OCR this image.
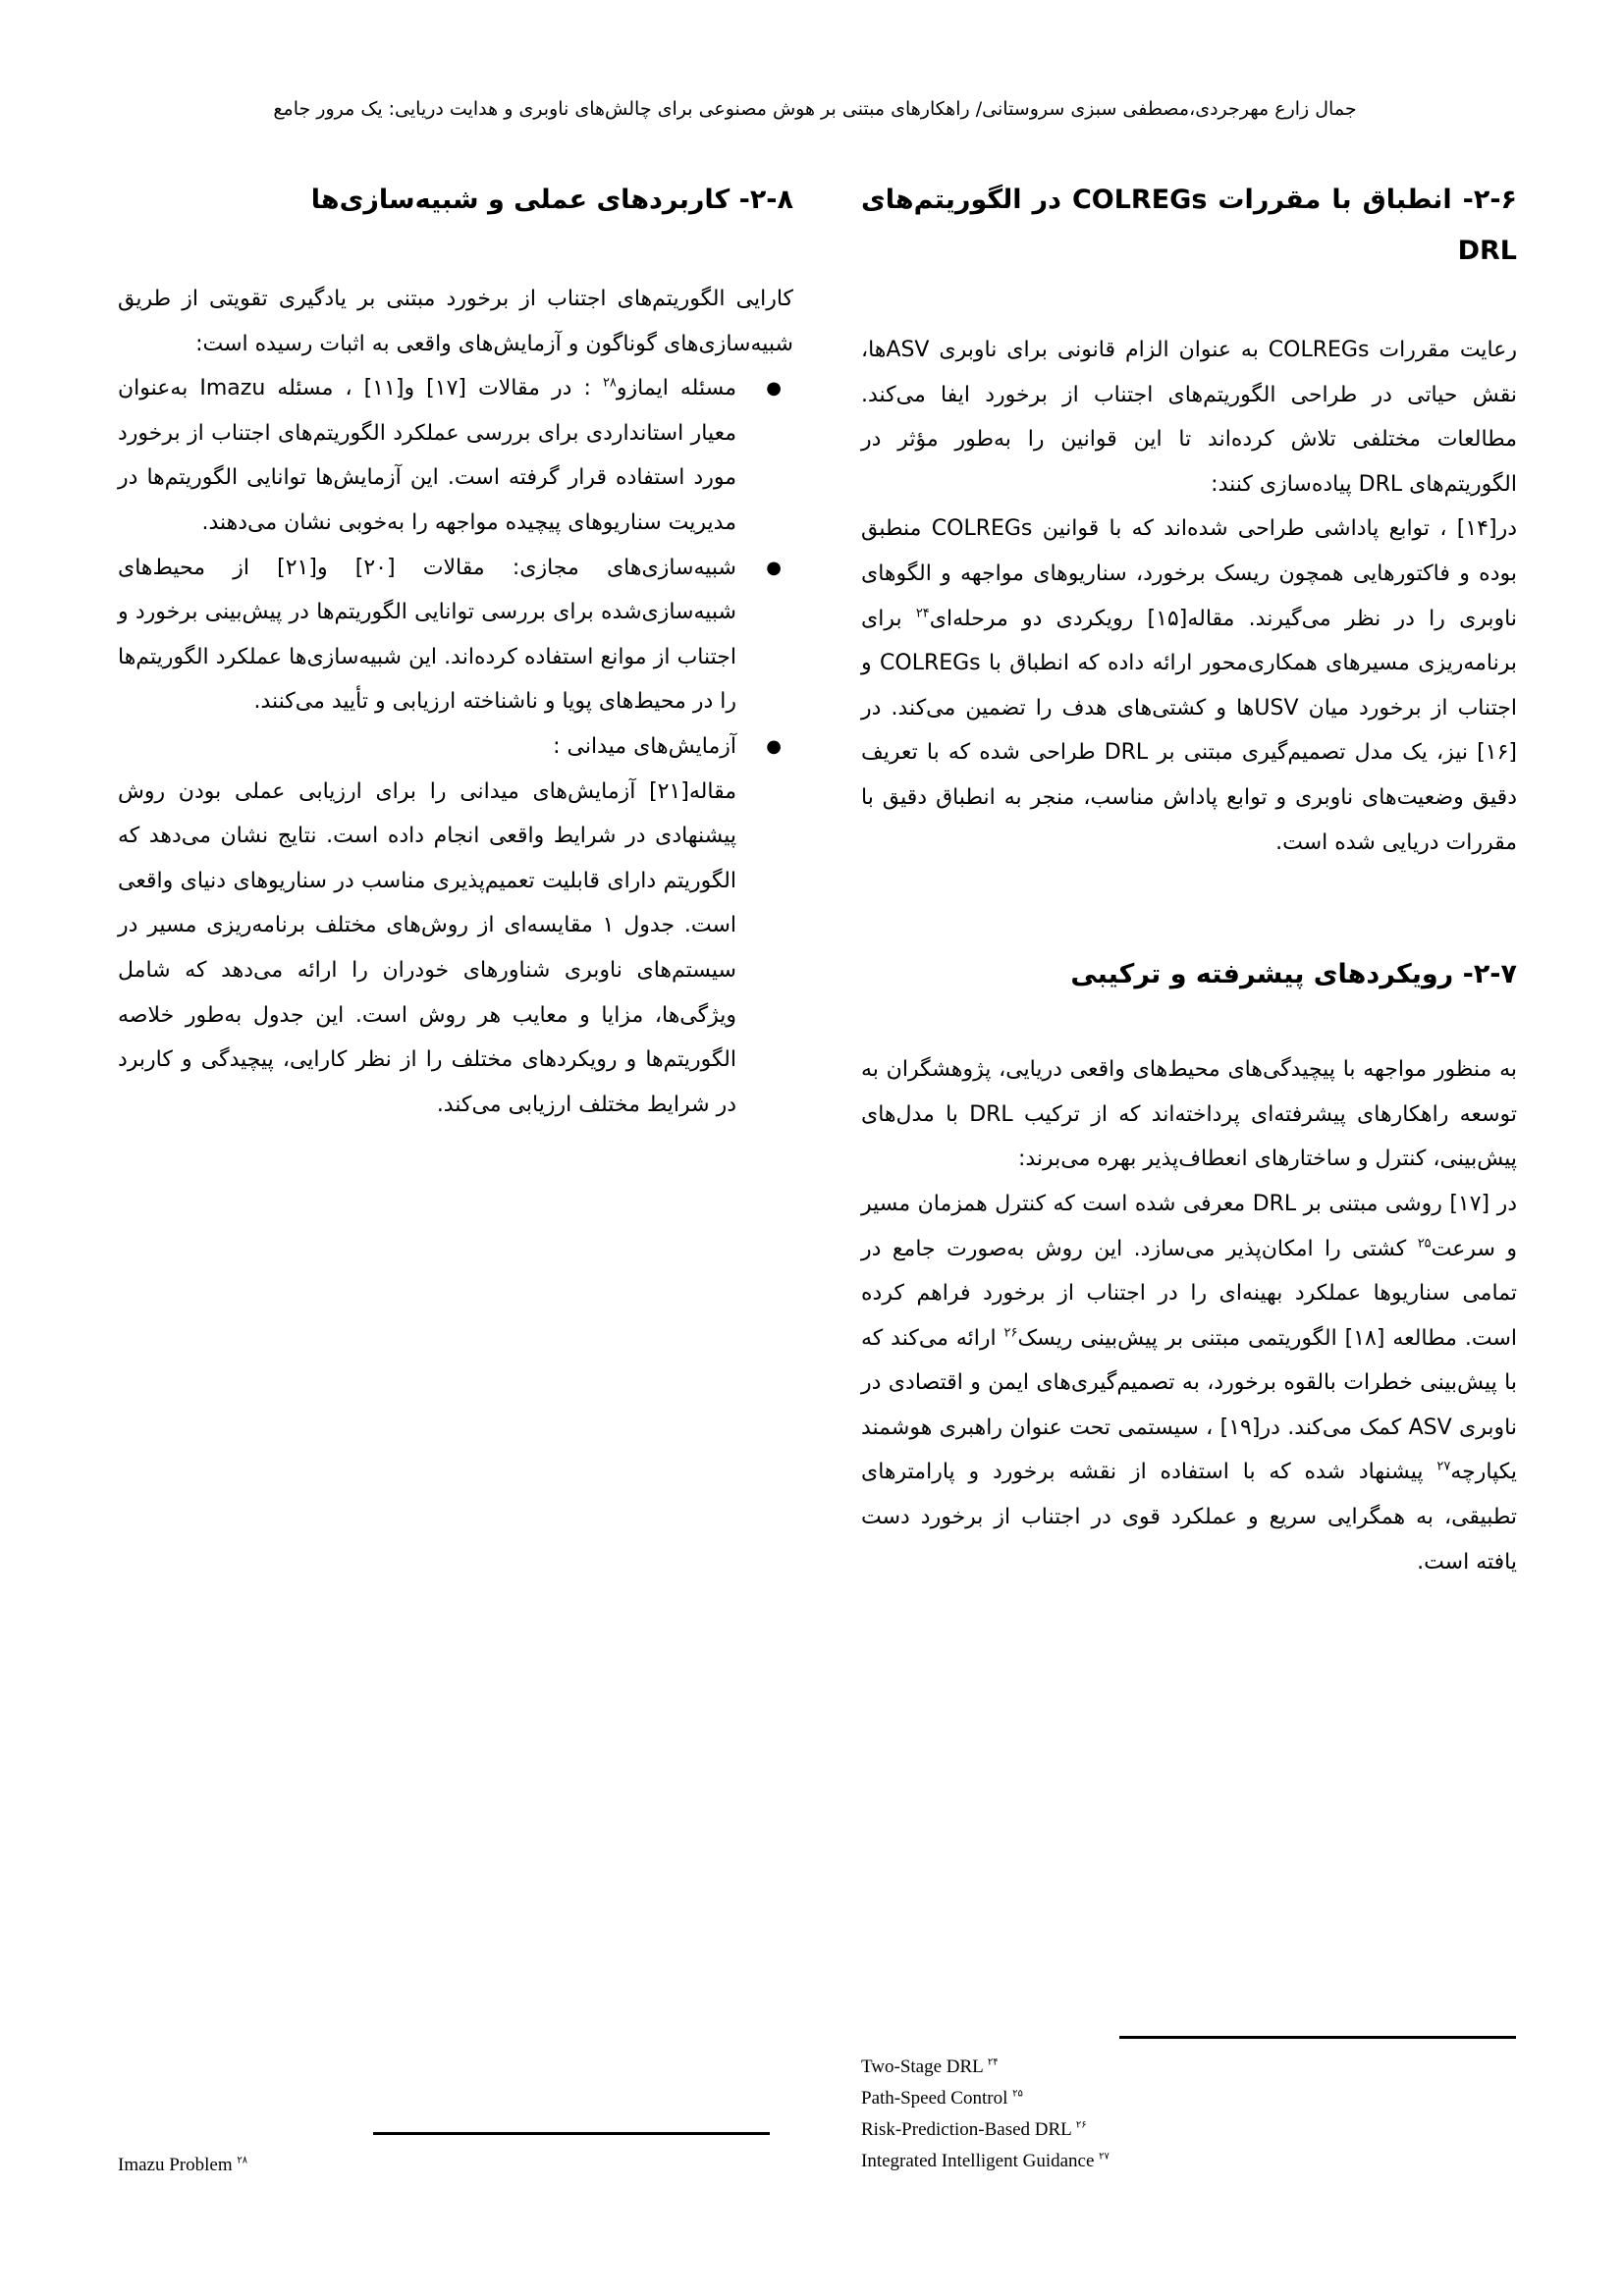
جمال زارع مهرجردی،مصطفی سبزی سروستانی/ راهکارهای مبتنی بر هوش مصنوعی برای چالش‌های ناوبری و هدایت دریایی: یک مرور جامع
۲-۶- انطباق با مقررات COLREGs در الگوریتم‌های DRL

رعایت مقررات COLREGs به عنوان الزام قانونی برای ناوبری ASVها، نقش حیاتی در طراحی الگوریتم‌های اجتناب از برخورد ایفا می‌کند. مطالعات مختلفی تلاش کرده‌اند تا این قوانین را به‌طور مؤثر در الگوریتم‌های DRL پیاده‌سازی کنند:

در[۱۴] ، توابع پاداشی طراحی شده‌اند که با قوانین COLREGs منطبق بوده و فاکتورهایی همچون ریسک برخورد، سناریوهای مواجهه و الگوهای ناوبری را در نظر می‌گیرند. مقاله[۱۵] رویکردی دو مرحله‌ای$^{۲۴}$ برای برنامه‌ریزی مسیرهای همکاری‌محور ارائه داده که انطباق با COLREGs و اجتناب از برخورد میان USVها و کشتی‌های هدف را تضمین می‌کند. در [۱۶] نیز، یک مدل تصمیم‌گیری مبتنی بر DRL طراحی شده که با تعریف دقیق وضعیت‌های ناوبری و توابع پاداش مناسب، منجر به انطباق دقیق با مقررات دریایی شده است.

۲-۷- رویکردهای پیشرفته و ترکیبی

به منظور مواجهه با پیچیدگی‌های محیط‌های واقعی دریایی، پژوهشگران به توسعه راهکارهای پیشرفته‌ای پرداخته‌اند که از ترکیب DRL با مدل‌های پیش‌بینی، کنترل و ساختارهای انعطاف‌پذیر بهره می‌برند:

در [۱۷] روشی مبتنی بر DRL معرفی شده است که کنترل همزمان مسیر و سرعت$^{۲۵}$ کشتی را امکان‌پذیر می‌سازد. این روش به‌صورت جامع در تمامی سناریوها عملکرد بهینه‌ای را در اجتناب از برخورد فراهم کرده است. مطالعه [۱۸] الگوریتمی مبتنی بر پیش‌بینی ریسک$^{۲۶}$ ارائه می‌کند که با پیش‌بینی خطرات بالقوه برخورد، به تصمیم‌گیری‌های ایمن و اقتصادی در ناوبری ASV کمک می‌کند. در[۱۹] ، سیستمی تحت عنوان راهبری هوشمند یکپارچه$^{۲۷}$ پیشنهاد شده که با استفاده از نقشه برخورد و پارامترهای تطبیقی، به همگرایی سریع و عملکرد قوی در اجتناب از برخورد دست یافته است.

۲-۸- کاربردهای عملی و شبیه‌سازی‌ها

کارایی الگوریتم‌های اجتناب از برخورد مبتنی بر یادگیری تقویتی از طریق شبیه‌سازی‌های گوناگون و آزمایش‌های واقعی به اثبات رسیده است:

●
مسئله ایمازو$^{۲۸}$ : در مقالات [۱۷] و[۱۱] ، مسئله Imazu به‌عنوان معیار استانداردی برای بررسی عملکرد الگوریتم‌های اجتناب از برخورد مورد استفاده قرار گرفته است. این آزمایش‌ها توانایی الگوریتم‌ها در مدیریت سناریوهای پیچیده مواجهه را به‌خوبی نشان می‌دهند.
●
شبیه‌سازی‌های مجازی: مقالات [۲۰] و[۲۱] از محیط‌های شبیه‌سازی‌شده برای بررسی توانایی الگوریتم‌ها در پیش‌بینی برخورد و اجتناب از موانع استفاده کرده‌اند. این شبیه‌سازی‌ها عملکرد الگوریتم‌ها را در محیط‌های پویا و ناشناخته ارزیابی و تأیید می‌کنند.
●
آزمایش‌های میدانی :

مقاله[۲۱] آزمایش‌های میدانی را برای ارزیابی عملی بودن روش پیشنهادی در شرایط واقعی انجام داده است. نتایج نشان می‌دهد که الگوریتم دارای قابلیت تعمیم‌پذیری مناسب در سناریوهای دنیای واقعی است. جدول ۱ مقایسه‌ای از روش‌های مختلف برنامه‌ریزی مسیر در سیستم‌های ناوبری شناورهای خودران را ارائه می‌دهد که شامل ویژگی‌ها، مزایا و معایب هر روش است. این جدول به‌طور خلاصه الگوریتم‌ها و رویکردهای مختلف را از نظر کارایی، پیچیدگی و کاربرد در شرایط مختلف ارزیابی می‌کند.

Two-Stage DRL $^{۲۴}$
Path-Speed Control $^{۲۵}$
Risk-Prediction-Based DRL $^{۲۶}$
Integrated Intelligent Guidance $^{۲۷}$
Imazu Problem $^{۲۸}$
